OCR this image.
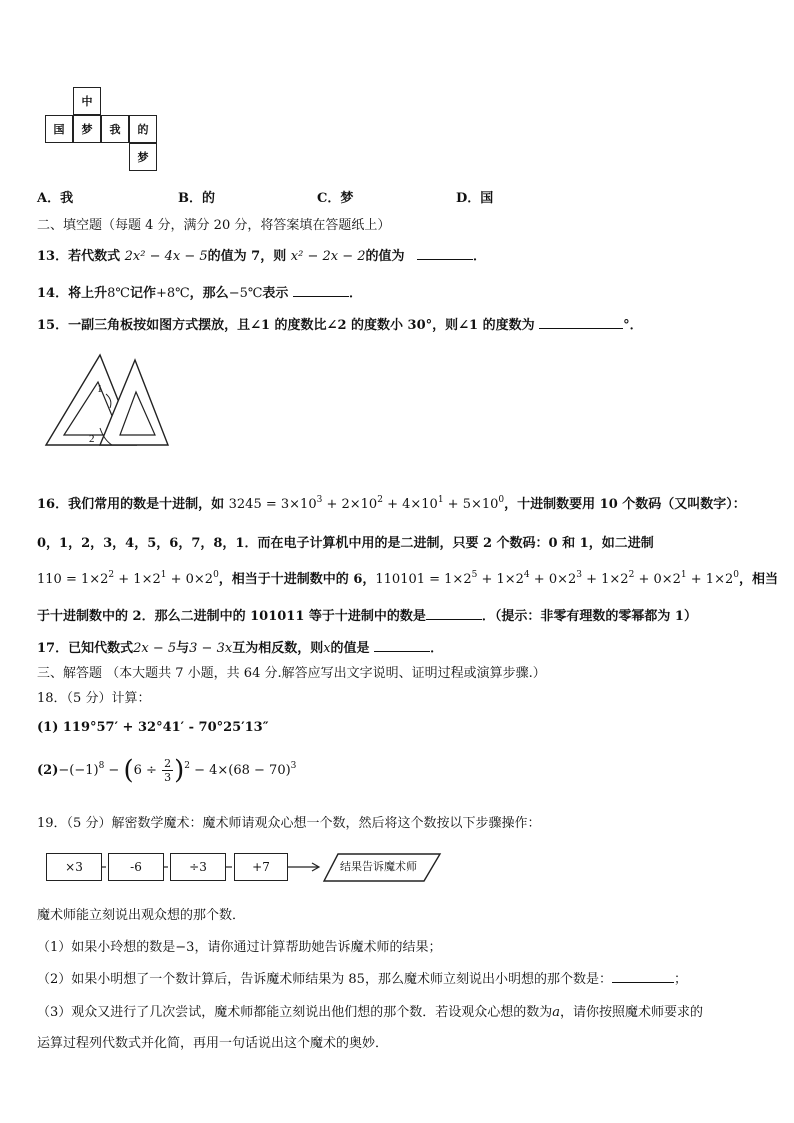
中
国	梦	我	的
梦
A．我	B．的	C．梦	D．国
二、填空题（每题 4 分，满分 20 分，将答案填在答题纸上）
13．若代数式 2x² − 4x − 5的值为 7，则 x² − 2x − 2的值为	．
14．将上升8℃记作+8℃，那么−5℃表示	．
15．一副三角板按如图方式摆放，且∠1 的度数比∠2 的度数小 30°，则∠1 的度数为	°．
1
2
16．我们常用的数是十进制，如 $3245 = 3\times 10^3 + 2\times 10^2 + 4\times 10^1 + 5\times 10^0$，十进制数要用 10 个数码（又叫数字）：
0，1，2，3，4，5，6，7，8，1．而在电子计算机中用的是二进制，只要 2 个数码：0 和 1，如二进制
$110 = 1\times 2^2 + 1\times 2^1 + 0\times 2^0$，相当于十进制数中的 6，$110101 = 1\times 2^5 + 1\times 2^4 + 0\times 2^3 + 1\times 2^2 + 0\times 2^1 + 1\times 2^0$，相当
于十进制数中的 2．那么二进制中的 101011 等于十进制中的数是	．（提示：非零有理数的零幂都为 1）
17．已知代数式2x − 5与3 − 3x互为相反数，则x的值是	．
三、解答题 （本大题共 7 小题，共 64 分.解答应写出文字说明、证明过程或演算步骤.）
18．（5 分）计算：
(1) 119°57′ + 32°41′ - 70°25′13″
$(2)-(-1)^8 - (6 \div \frac{2}{3} )^2 - 4\times(68 - 70)^3$
19．（5 分）解密数学魔术：魔术师请观众心想一个数，然后将这个数按以下步骤操作：
×3	-6	÷3	+7	结果告诉魔术师
魔术师能立刻说出观众想的那个数．
（1）如果小玲想的数是−3，请你通过计算帮助她告诉魔术师的结果；
（2）如果小明想了一个数计算后，告诉魔术师结果为 85，那么魔术师立刻说出小明想的那个数是：	；
（3）观众又进行了几次尝试，魔术师都能立刻说出他们想的那个数．若设观众心想的数为a，请你按照魔术师要求的
运算过程列代数式并化简，再用一句话说出这个魔术的奥妙．
